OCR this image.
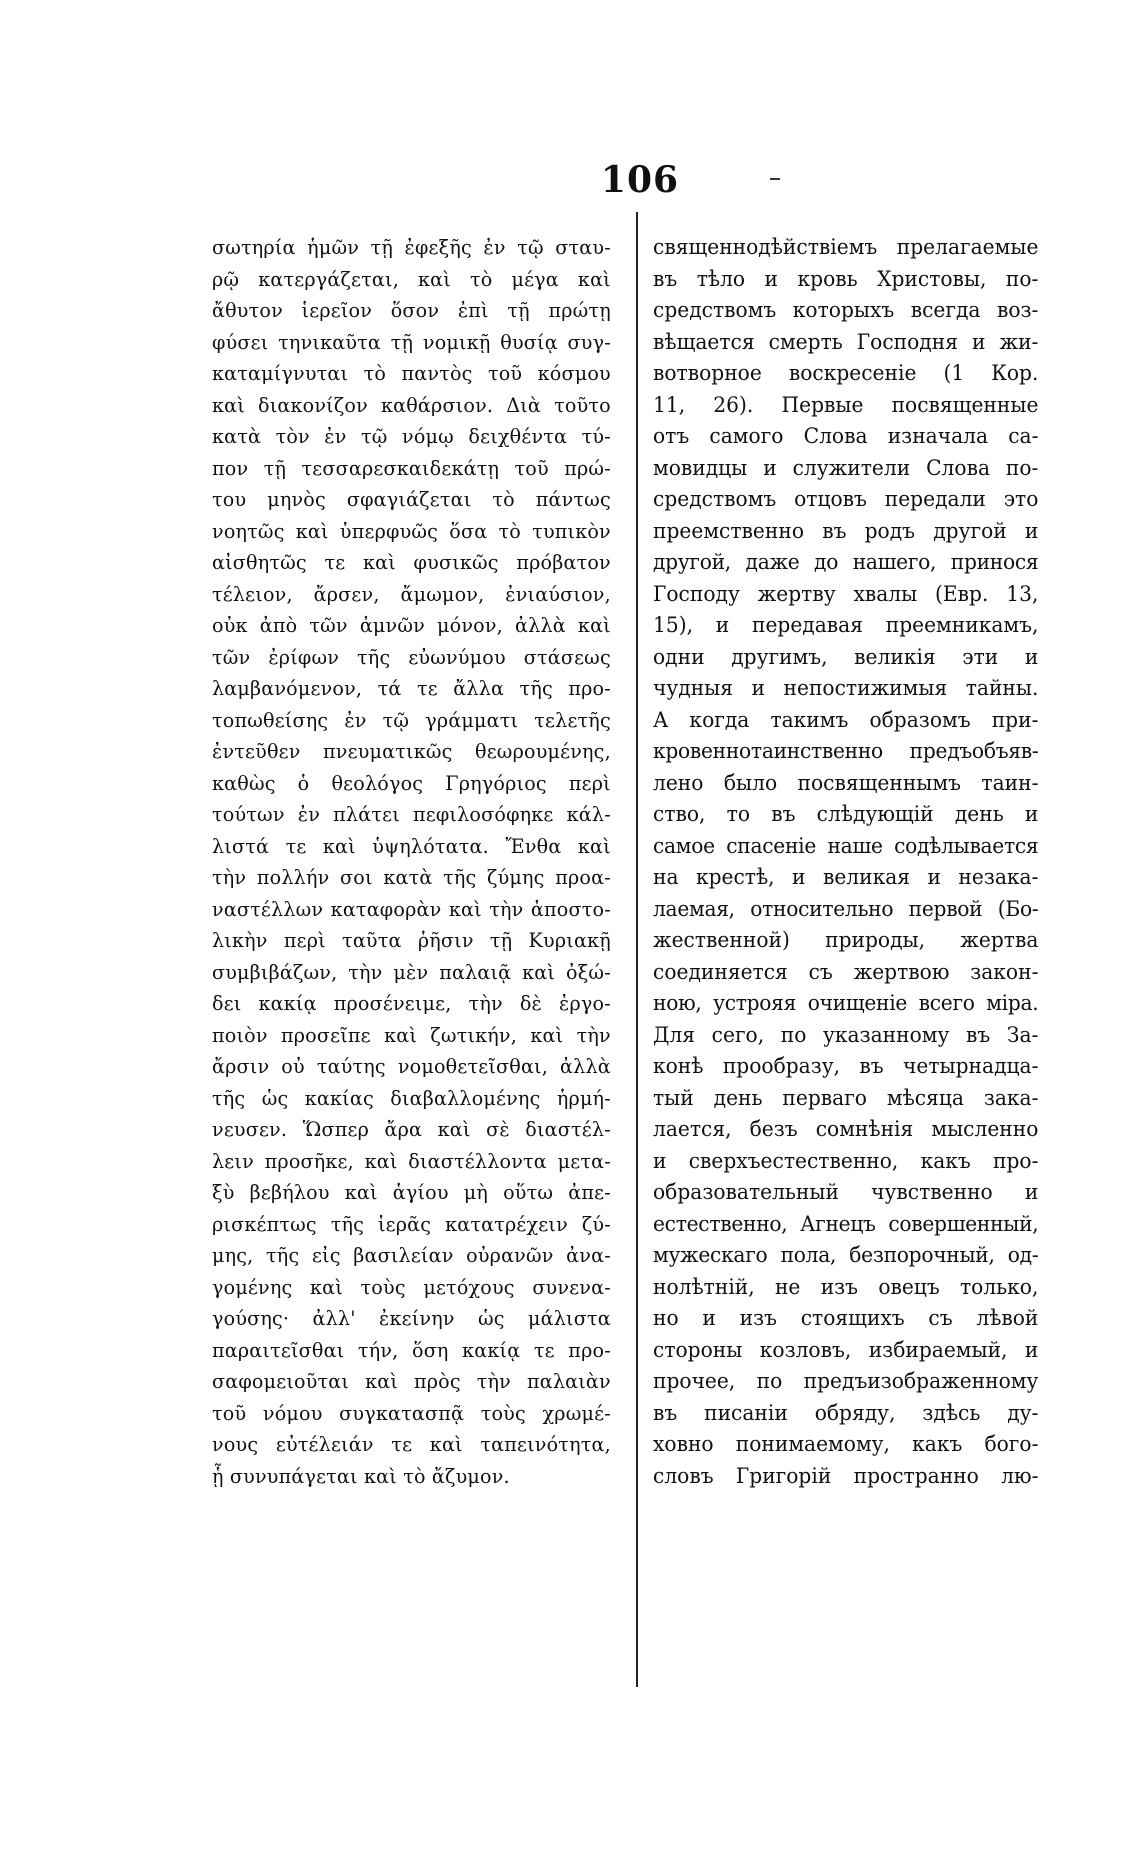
106
σωτηρία ἡμῶν τῇ ἐφεξῆς ἐν τῷ σταυ-
ρῷ κατεργάζεται, καὶ τὸ μέγα καὶ
ἄθυτον ἱερεῖον ὅσον ἐπὶ τῇ πρώτῃ
φύσει τηνικαῦτα τῇ νομικῇ θυσίᾳ συγ-
καταμίγνυται τὸ παντὸς τοῦ κόσμου
καὶ διακονίζον καθάρσιον. Διὰ τοῦτο
κατὰ τὸν ἐν τῷ νόμῳ δειχθέντα τύ-
πον τῇ τεσσαρεσκαιδεκάτῃ τοῦ πρώ-
του μηνὸς σφαγιάζεται τὸ πάντως
νοητῶς καὶ ὑπερφυῶς ὅσα τὸ τυπικὸν
αἰσθητῶς τε καὶ φυσικῶς πρόβατον
τέλειον, ἄρσεν, ἄμωμον, ἐνιαύσιον,
οὐκ ἀπὸ τῶν ἀμνῶν μόνον, ἀλλὰ καὶ
τῶν ἐρίφων τῆς εὐωνύμου στάσεως
λαμβανόμενον, τά τε ἄλλα τῆς προ-
τοπωθείσης ἐν τῷ γράμματι τελετῆς
ἐντεῦθεν πνευματικῶς θεωρουμένης,
καθὼς ὁ θεολόγος Γρηγόριος περὶ
τούτων ἐν πλάτει πεφιλοσόφηκε κάλ-
λιστά τε καὶ ὑψηλότατα. Ἔνθα καὶ
τὴν πολλήν σοι κατὰ τῆς ζύμης προα-
ναστέλλων καταφορὰν καὶ τὴν ἀποστο-
λικὴν περὶ ταῦτα ῥῆσιν τῇ Κυριακῇ
συμβιβάζων, τὴν μὲν παλαιᾷ καὶ ὀξώ-
δει κακίᾳ προσένειμε, τὴν δὲ ἐργο-
ποιὸν προσεῖπε καὶ ζωτικήν, καὶ τὴν
ἄρσιν οὐ ταύτης νομοθετεῖσθαι, ἀλλὰ
τῆς ὡς κακίας διαβαλλομένης ἡρμή-
νευσεν. Ὥσπερ ἄρα καὶ σὲ διαστέλ-
λειν προσῆκε, καὶ διαστέλλοντα μετα-
ξὺ βεβήλου καὶ ἁγίου μὴ οὕτω ἀπε-
ρισκέπτως τῆς ἱερᾶς κατατρέχειν ζύ-
μης, τῆς εἰς βασιλείαν οὐρανῶν ἀνα-
γομένης καὶ τοὺς μετόχους συνενα-
γούσης· ἀλλ' ἐκείνην ὡς μάλιστα
παραιτεῖσθαι τήν, ὅση κακίᾳ τε προ-
σαφομειοῦται καὶ πρὸς τὴν παλαιὰν
τοῦ νόμου συγκατασπᾷ τοὺς χρωμέ-
νους εὐτέλειάν τε καὶ ταπεινότητα,
ᾗ συνυπάγεται καὶ τὸ ἄζυμον.
священнодѣйствіемъ прелагаемые
въ тѣло и кровь Христовы, по-
средствомъ которыхъ всегда воз-
вѣщается смерть Господня и жи-
вотворное воскресеніе (1 Кор.
11, 26). Первые посвященные
отъ самого Слова изначала са-
мовидцы и служители Слова по-
средствомъ отцовъ передали это
преемственно въ родъ другой и
другой, даже до нашего, принося
Господу жертву хвалы (Евр. 13,
15), и передавая преемникамъ,
одни другимъ, великія эти и
чудныя и непостижимыя тайны.
А когда такимъ образомъ при-
кровеннотаинственно предъобъяв-
лено было посвященнымъ таин-
ство, то въ слѣдующій день и
самое спасеніе наше содѣлывается
на крестѣ, и великая и незака-
лаемая, относительно первой (Бо-
жественной) природы, жертва
соединяется съ жертвою закон-
ною, устрояя очищеніе всего міра.
Для сего, по указанному въ За-
конѣ прообразу, въ четырнадца-
тый день перваго мѣсяца зака-
лается, безъ сомнѣнія мысленно
и сверхъестественно, какъ про-
образовательный чувственно и
естественно, Агнецъ совершенный,
мужескаго пола, безпорочный, од-
нолѣтній, не изъ овецъ только,
но и изъ стоящихъ съ лѣвой
стороны козловъ, избираемый, и
прочее, по предъизображенному
въ писаніи обряду, здѣсь ду-
ховно понимаемому, какъ бого-
словъ Григорій пространно лю-
